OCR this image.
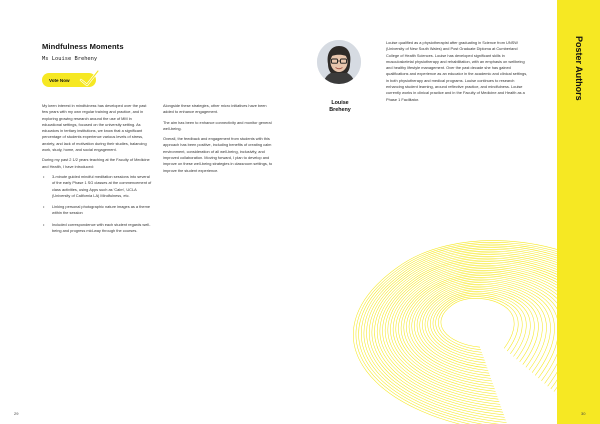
Mindfulness Moments
Ms Louise Breheny
Vote Now

My keen interest in mindfulness has developed over the past few years with my own regular training and practice, and in exploring growing research around the use of MM in educational settings, focused on the university setting. As educators in tertiary institutions, we know that a significant percentage of students experience various levels of stress, anxiety, and lack of motivation during their studies, balancing work, study, home, and social engagement.

During my past 2 1/2 years teaching at the Faculty of Medicine and Health, I have introduced:

• 3-minute guided mindful meditation sessions into several of the early Phase 1 SG classes at the commencement of class activities, using Apps such as 'Calm', UCLA (University of California LA) Mindfulness, etc.
• Linking personal photographic nature images as a theme within the session
• Included correspondence with each student regards well-being and progress mid-way through the courses.

Alongside these strategies, other micro initiatives have been added to enhance engagement.

The aim has been to enhance connectivity and monitor general well-being.

Overall, the feedback and engagement from students with this approach has been positive, including benefits of creating calm environment, consideration of all well-being, inclusivity, and improved collaboration. Moving forward, I plan to develop and improve on these well-being strategies in classroom settings, to improve the student experience.

Louise
Breheny

Louise qualified as a physiotherapist after graduating in Science from UNSW (University of New South Wales) and Post Graduate Diploma at Cumberland College of Health Sciences. Louise has developed significant skills in musculoskeletal physiotherapy and rehabilitation, with an emphasis on wellbeing and healthy lifestyle management. Over the past decade she has gained qualifications and experience as an educator in the academic and clinical settings, in both physiotherapy and medical programs. Louise continues to research enhancing student learning, around reflective practice, and mindfulness. Louise currently works in clinical practice and in the Faculty of Medicine and Health as a Phase 1 Facilitator.	Poster Authors
29	30
